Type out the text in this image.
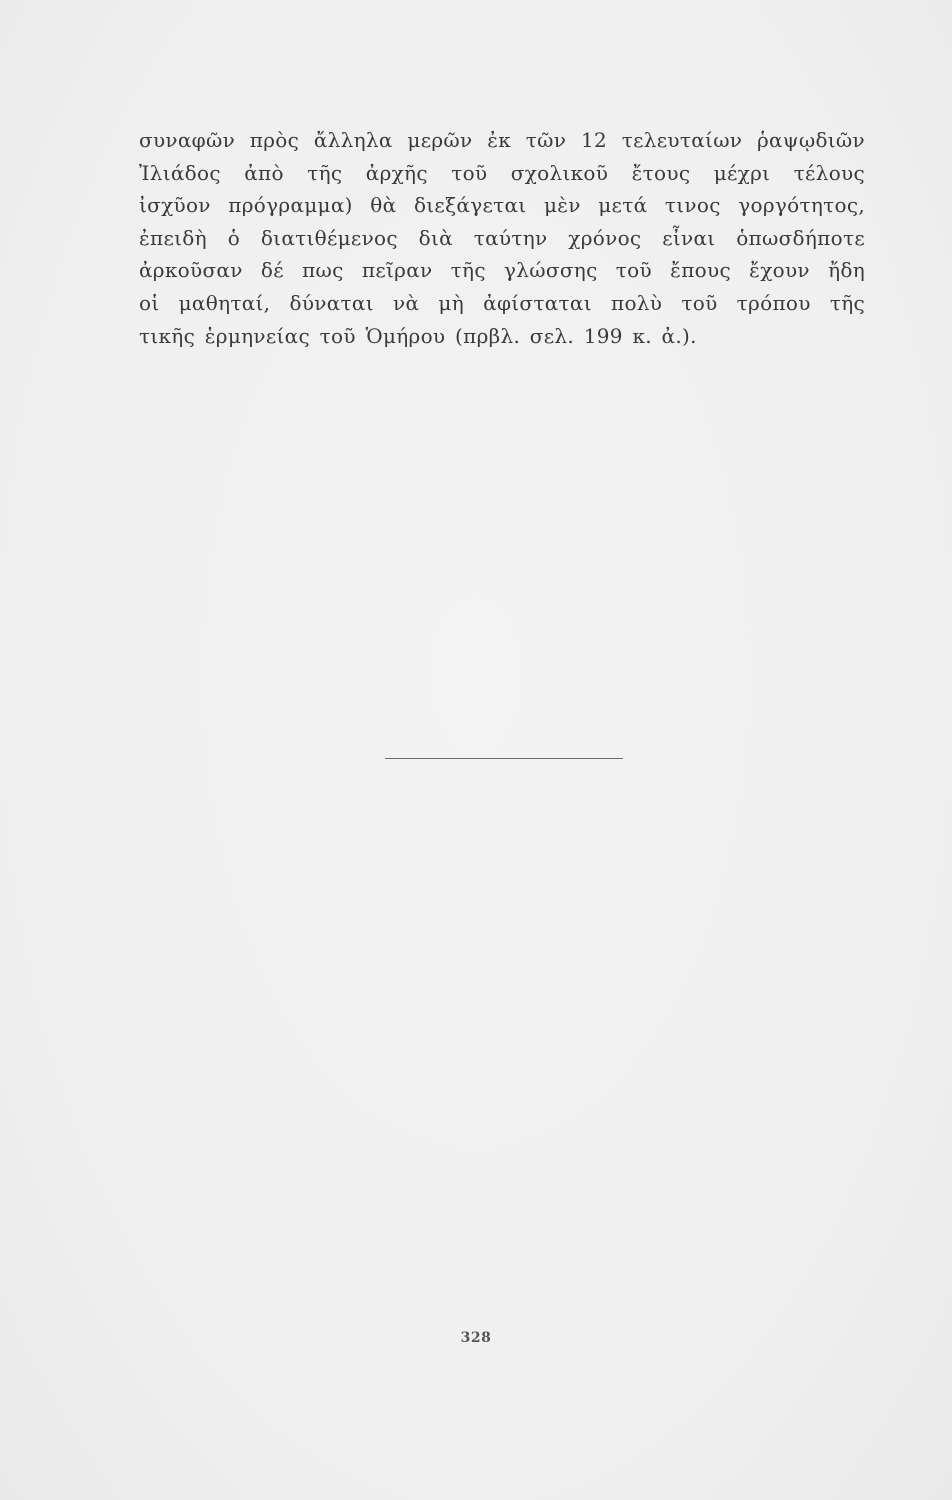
συναφῶν πρὸς ἄλληλα μερῶν ἐκ τῶν 12 τελευταίων ῥαψῳδιῶν
Ἰλιάδος ἀπὸ τῆς ἀρχῆς τοῦ σχολικοῦ ἔτους μέχρι τέλους
ἰσχῦον πρόγραμμα) θὰ διεξάγεται μὲν μετά τινος γοργότητος,
ἐπειδὴ ὁ διατιθέμενος διὰ ταύτην χρόνος εἶναι ὁπωσδήποτε
ἀρκοῦσαν δέ πως πεῖραν τῆς γλώσσης τοῦ ἔπους ἔχουν ἤδη
οἱ μαθηταί, δύναται νὰ μὴ ἀφίσταται πολὺ τοῦ τρόπου τῆς
τικῆς ἑρμηνείας τοῦ Ὁμήρου (πρβλ. σελ. 199 κ. ἀ.).
328
